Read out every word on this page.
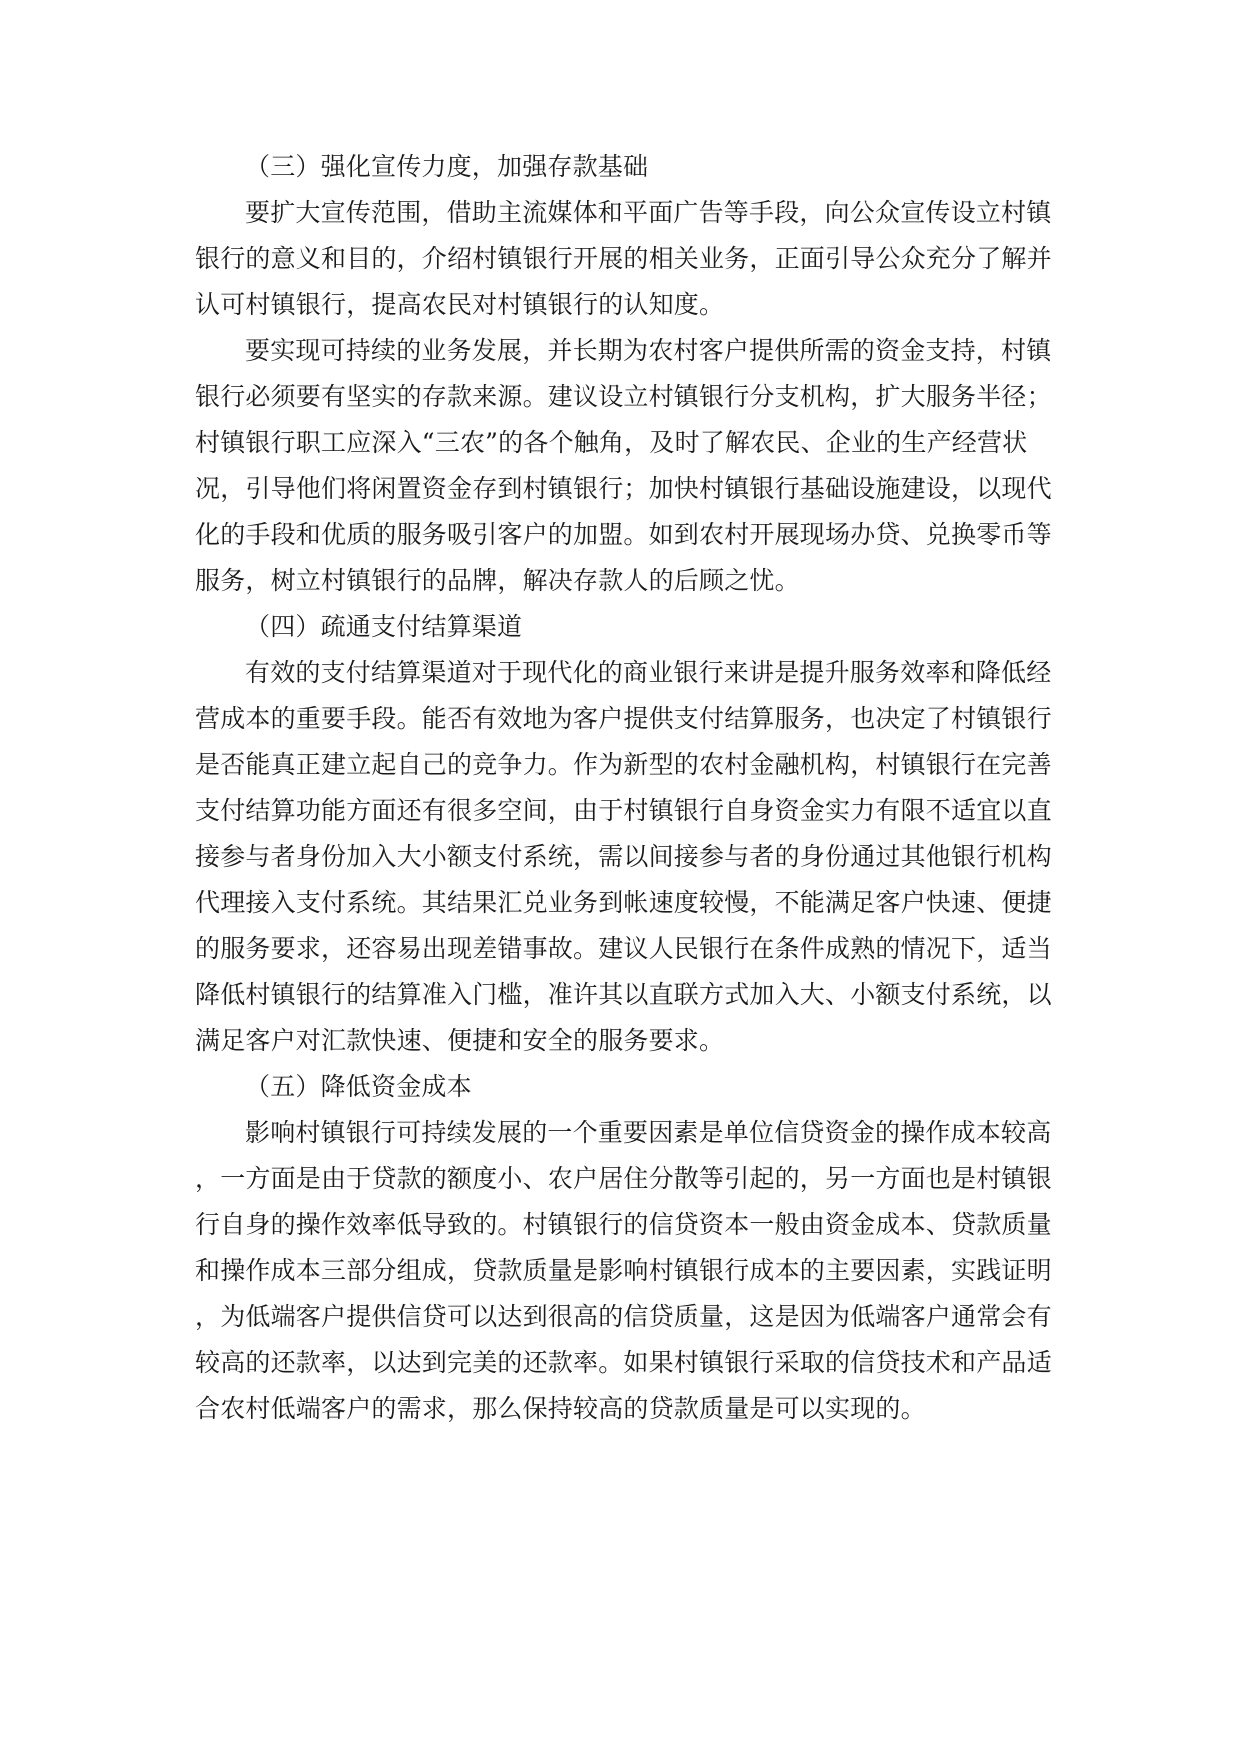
（三）强化宣传力度，加强存款基础

要扩大宣传范围，借助主流媒体和平面广告等手段，向公众宣传设立村镇

银行的意义和目的，介绍村镇银行开展的相关业务，正面引导公众充分了解并

认可村镇银行，提高农民对村镇银行的认知度。

要实现可持续的业务发展，并长期为农村客户提供所需的资金支持，村镇

银行必须要有坚实的存款来源。建议设立村镇银行分支机构，扩大服务半径；

村镇银行职工应深入“三农”的各个触角，及时了解农民、企业的生产经营状

况，引导他们将闲置资金存到村镇银行；加快村镇银行基础设施建设，以现代

化的手段和优质的服务吸引客户的加盟。如到农村开展现场办贷、兑换零币等

服务，树立村镇银行的品牌，解决存款人的后顾之忧。

（四）疏通支付结算渠道

有效的支付结算渠道对于现代化的商业银行来讲是提升服务效率和降低经

营成本的重要手段。能否有效地为客户提供支付结算服务，也决定了村镇银行

是否能真正建立起自己的竞争力。作为新型的农村金融机构，村镇银行在完善

支付结算功能方面还有很多空间，由于村镇银行自身资金实力有限不适宜以直

接参与者身份加入大小额支付系统，需以间接参与者的身份通过其他银行机构

代理接入支付系统。其结果汇兑业务到帐速度较慢，不能满足客户快速、便捷

的服务要求，还容易出现差错事故。建议人民银行在条件成熟的情况下，适当

降低村镇银行的结算准入门槛，准许其以直联方式加入大、小额支付系统，以

满足客户对汇款快速、便捷和安全的服务要求。

（五）降低资金成本

影响村镇银行可持续发展的一个重要因素是单位信贷资金的操作成本较高

，一方面是由于贷款的额度小、农户居住分散等引起的，另一方面也是村镇银

行自身的操作效率低导致的。村镇银行的信贷资本一般由资金成本、贷款质量

和操作成本三部分组成，贷款质量是影响村镇银行成本的主要因素，实践证明

，为低端客户提供信贷可以达到很高的信贷质量，这是因为低端客户通常会有

较高的还款率，以达到完美的还款率。如果村镇银行采取的信贷技术和产品适

合农村低端客户的需求，那么保持较高的贷款质量是可以实现的。
